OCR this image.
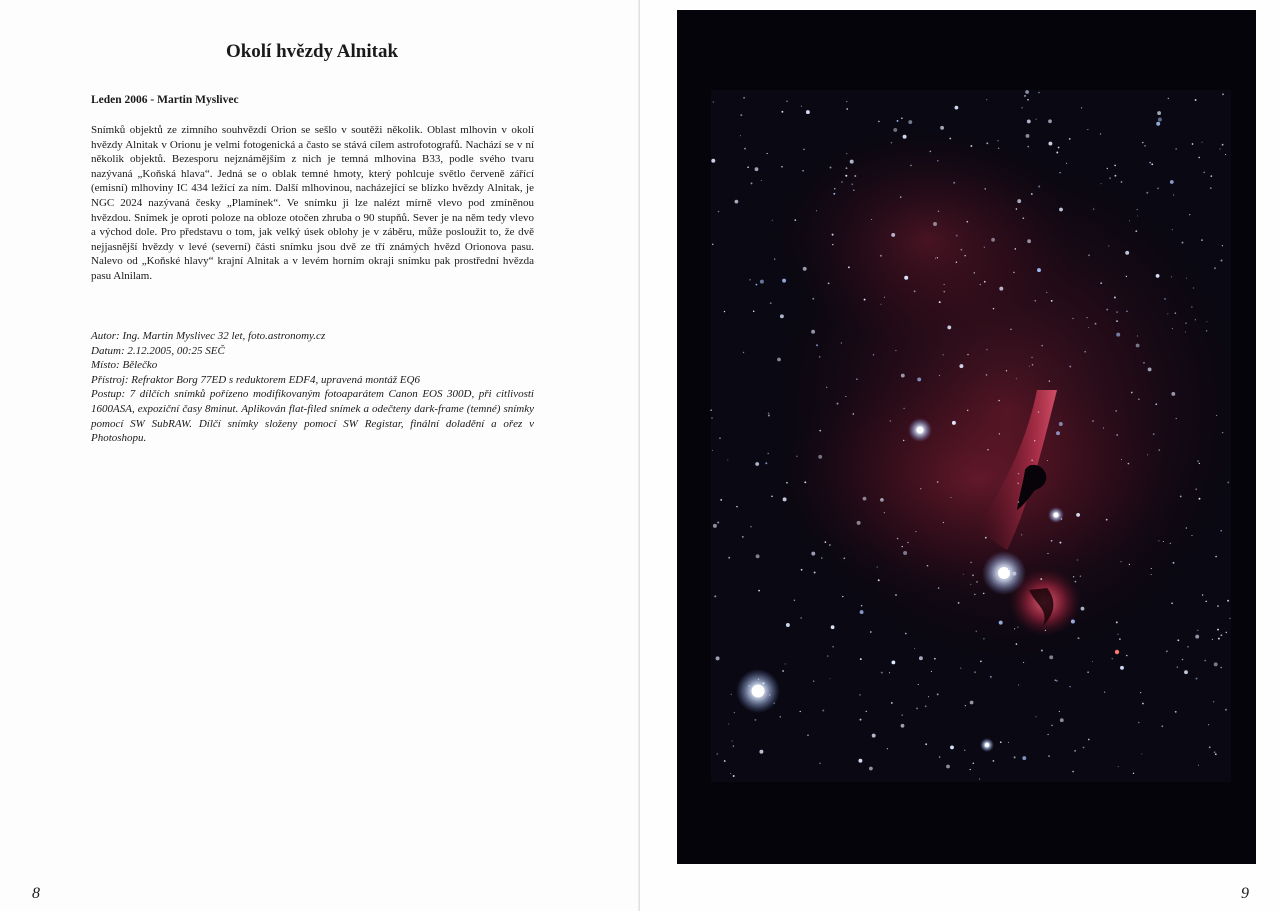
Okolí hvězdy Alnitak

Leden 2006 - Martin Myslivec

Snímků objektů ze zimního souhvězdí Orion se sešlo v soutěži několik. Oblast mlhovin v okolí hvězdy Alnitak v Orionu je velmi fotogenická a často se stává cílem astrofotografů. Nachází se v ní několik objektů. Bezesporu nejznámějším z nich je temná mlhovina B33, podle svého tvaru nazývaná „Koňská hlava“. Jedná se o oblak temné hmoty, který pohlcuje světlo červeně zářící (emisní) mlhoviny IC 434 ležící za ním. Další mlhovinou, nacházející se blízko hvězdy Alnitak, je NGC 2024 nazývaná česky „Plamínek“. Ve snímku ji lze nalézt mírně vlevo pod zmíněnou hvězdou. Snímek je oproti poloze na obloze otočen zhruba o 90 stupňů. Sever je na něm tedy vlevo a východ dole. Pro představu o tom, jak velký úsek oblohy je v záběru, může posloužit to, že dvě nejjasnější hvězdy v levé (severní) části snímku jsou dvě ze tří známých hvězd Orionova pasu. Nalevo od „Koňské hlavy“ krajní Alnitak a v levém horním okraji snímku pak prostřední hvězda pasu Alnilam.

Autor: Ing. Martin Myslivec 32 let, foto.astronomy.cz

Datum: 2.12.2005, 00:25 SEČ

Místo: Bělečko

Přístroj: Refraktor Borg 77ED s reduktorem EDF4, upravená montáž EQ6

Postup: 7 dílčích snímků pořízeno modifikovaným fotoaparátem Canon EOS 300D, při citlivosti 1600ASA, expoziční časy 8minut. Aplikován flat-filed snímek a odečteny dark-frame (temné) snímky pomocí SW SubRAW. Dílčí snímky složeny pomocí SW Registar, finální doladění a ořez v Photoshopu.

8	9
